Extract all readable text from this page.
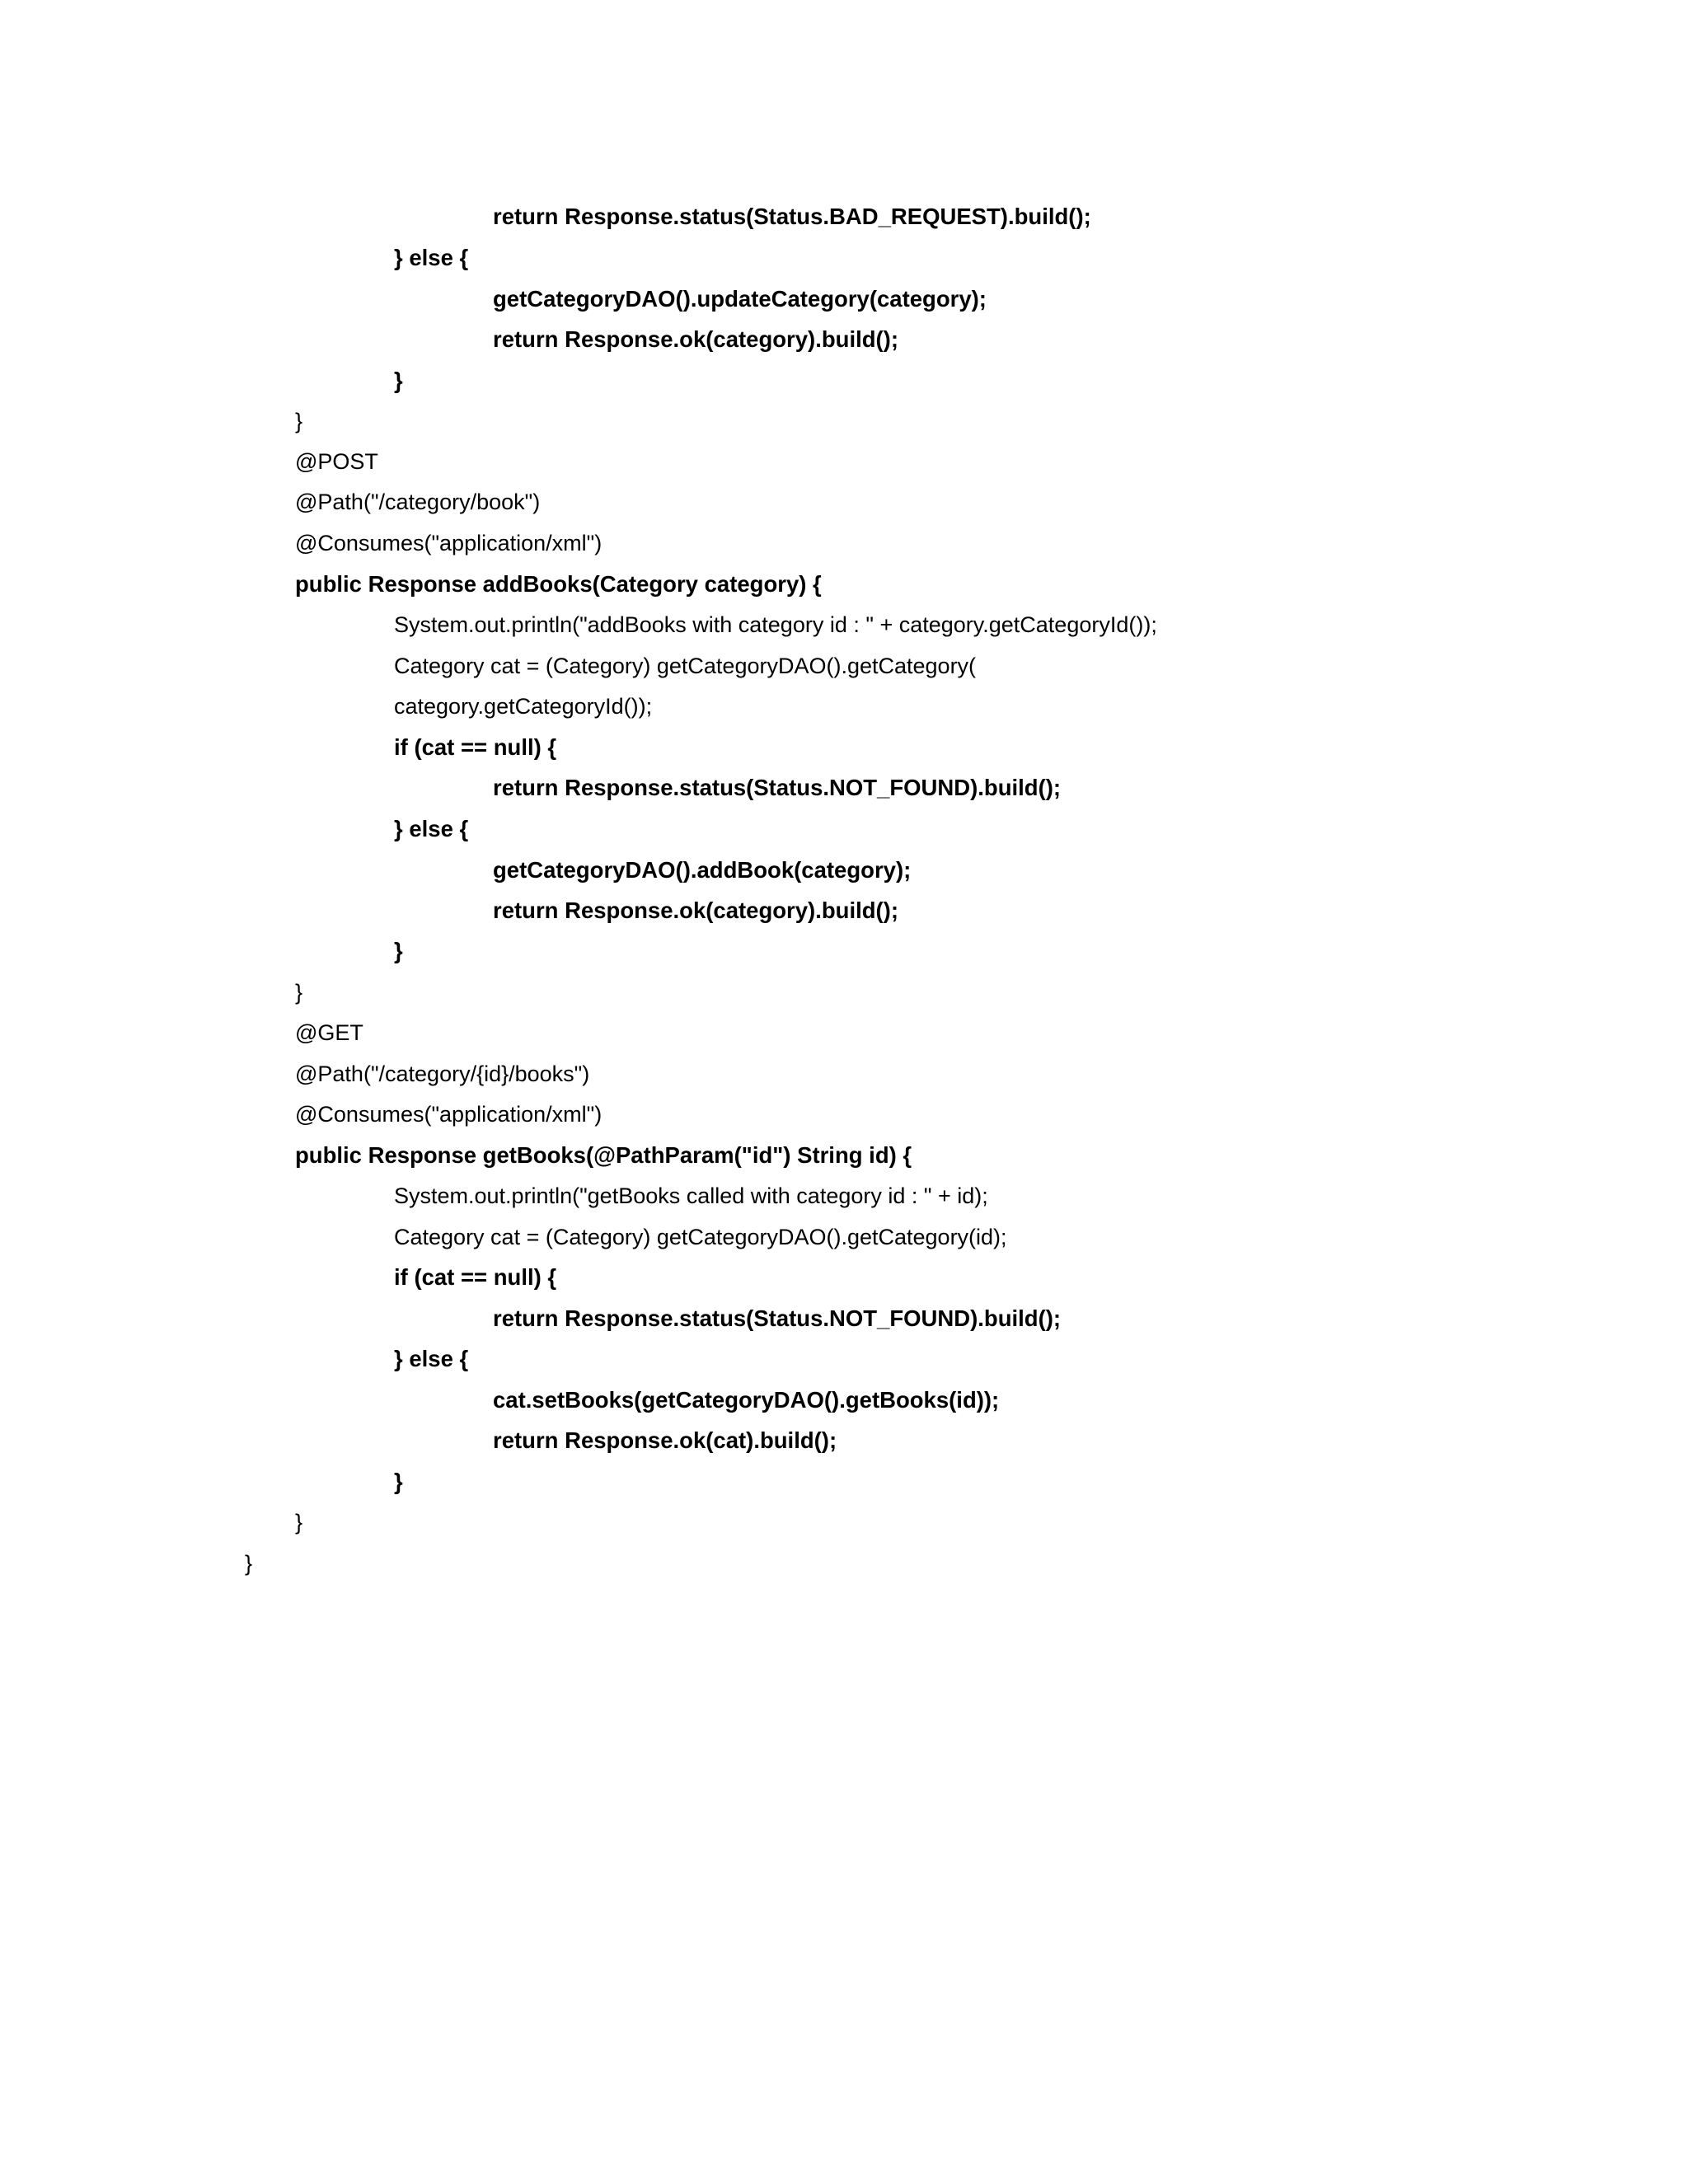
return Response.status(Status.BAD_REQUEST).build();
} else {
getCategoryDAO().updateCategory(category);
return Response.ok(category).build();
}
}
@POST
@Path("/category/book")
@Consumes("application/xml")
public Response addBooks(Category category) {
System.out.println("addBooks with category id : " + category.getCategoryId());
Category cat = (Category) getCategoryDAO().getCategory(
category.getCategoryId());
if (cat == null) {
return Response.status(Status.NOT_FOUND).build();
} else {
getCategoryDAO().addBook(category);
return Response.ok(category).build();
}
}
@GET
@Path("/category/{id}/books")
@Consumes("application/xml")
public Response getBooks(@PathParam("id") String id) {
System.out.println("getBooks called with category id : " + id);
Category cat = (Category) getCategoryDAO().getCategory(id);
if (cat == null) {
return Response.status(Status.NOT_FOUND).build();
} else {
cat.setBooks(getCategoryDAO().getBooks(id));
return Response.ok(cat).build();
}
}
}
